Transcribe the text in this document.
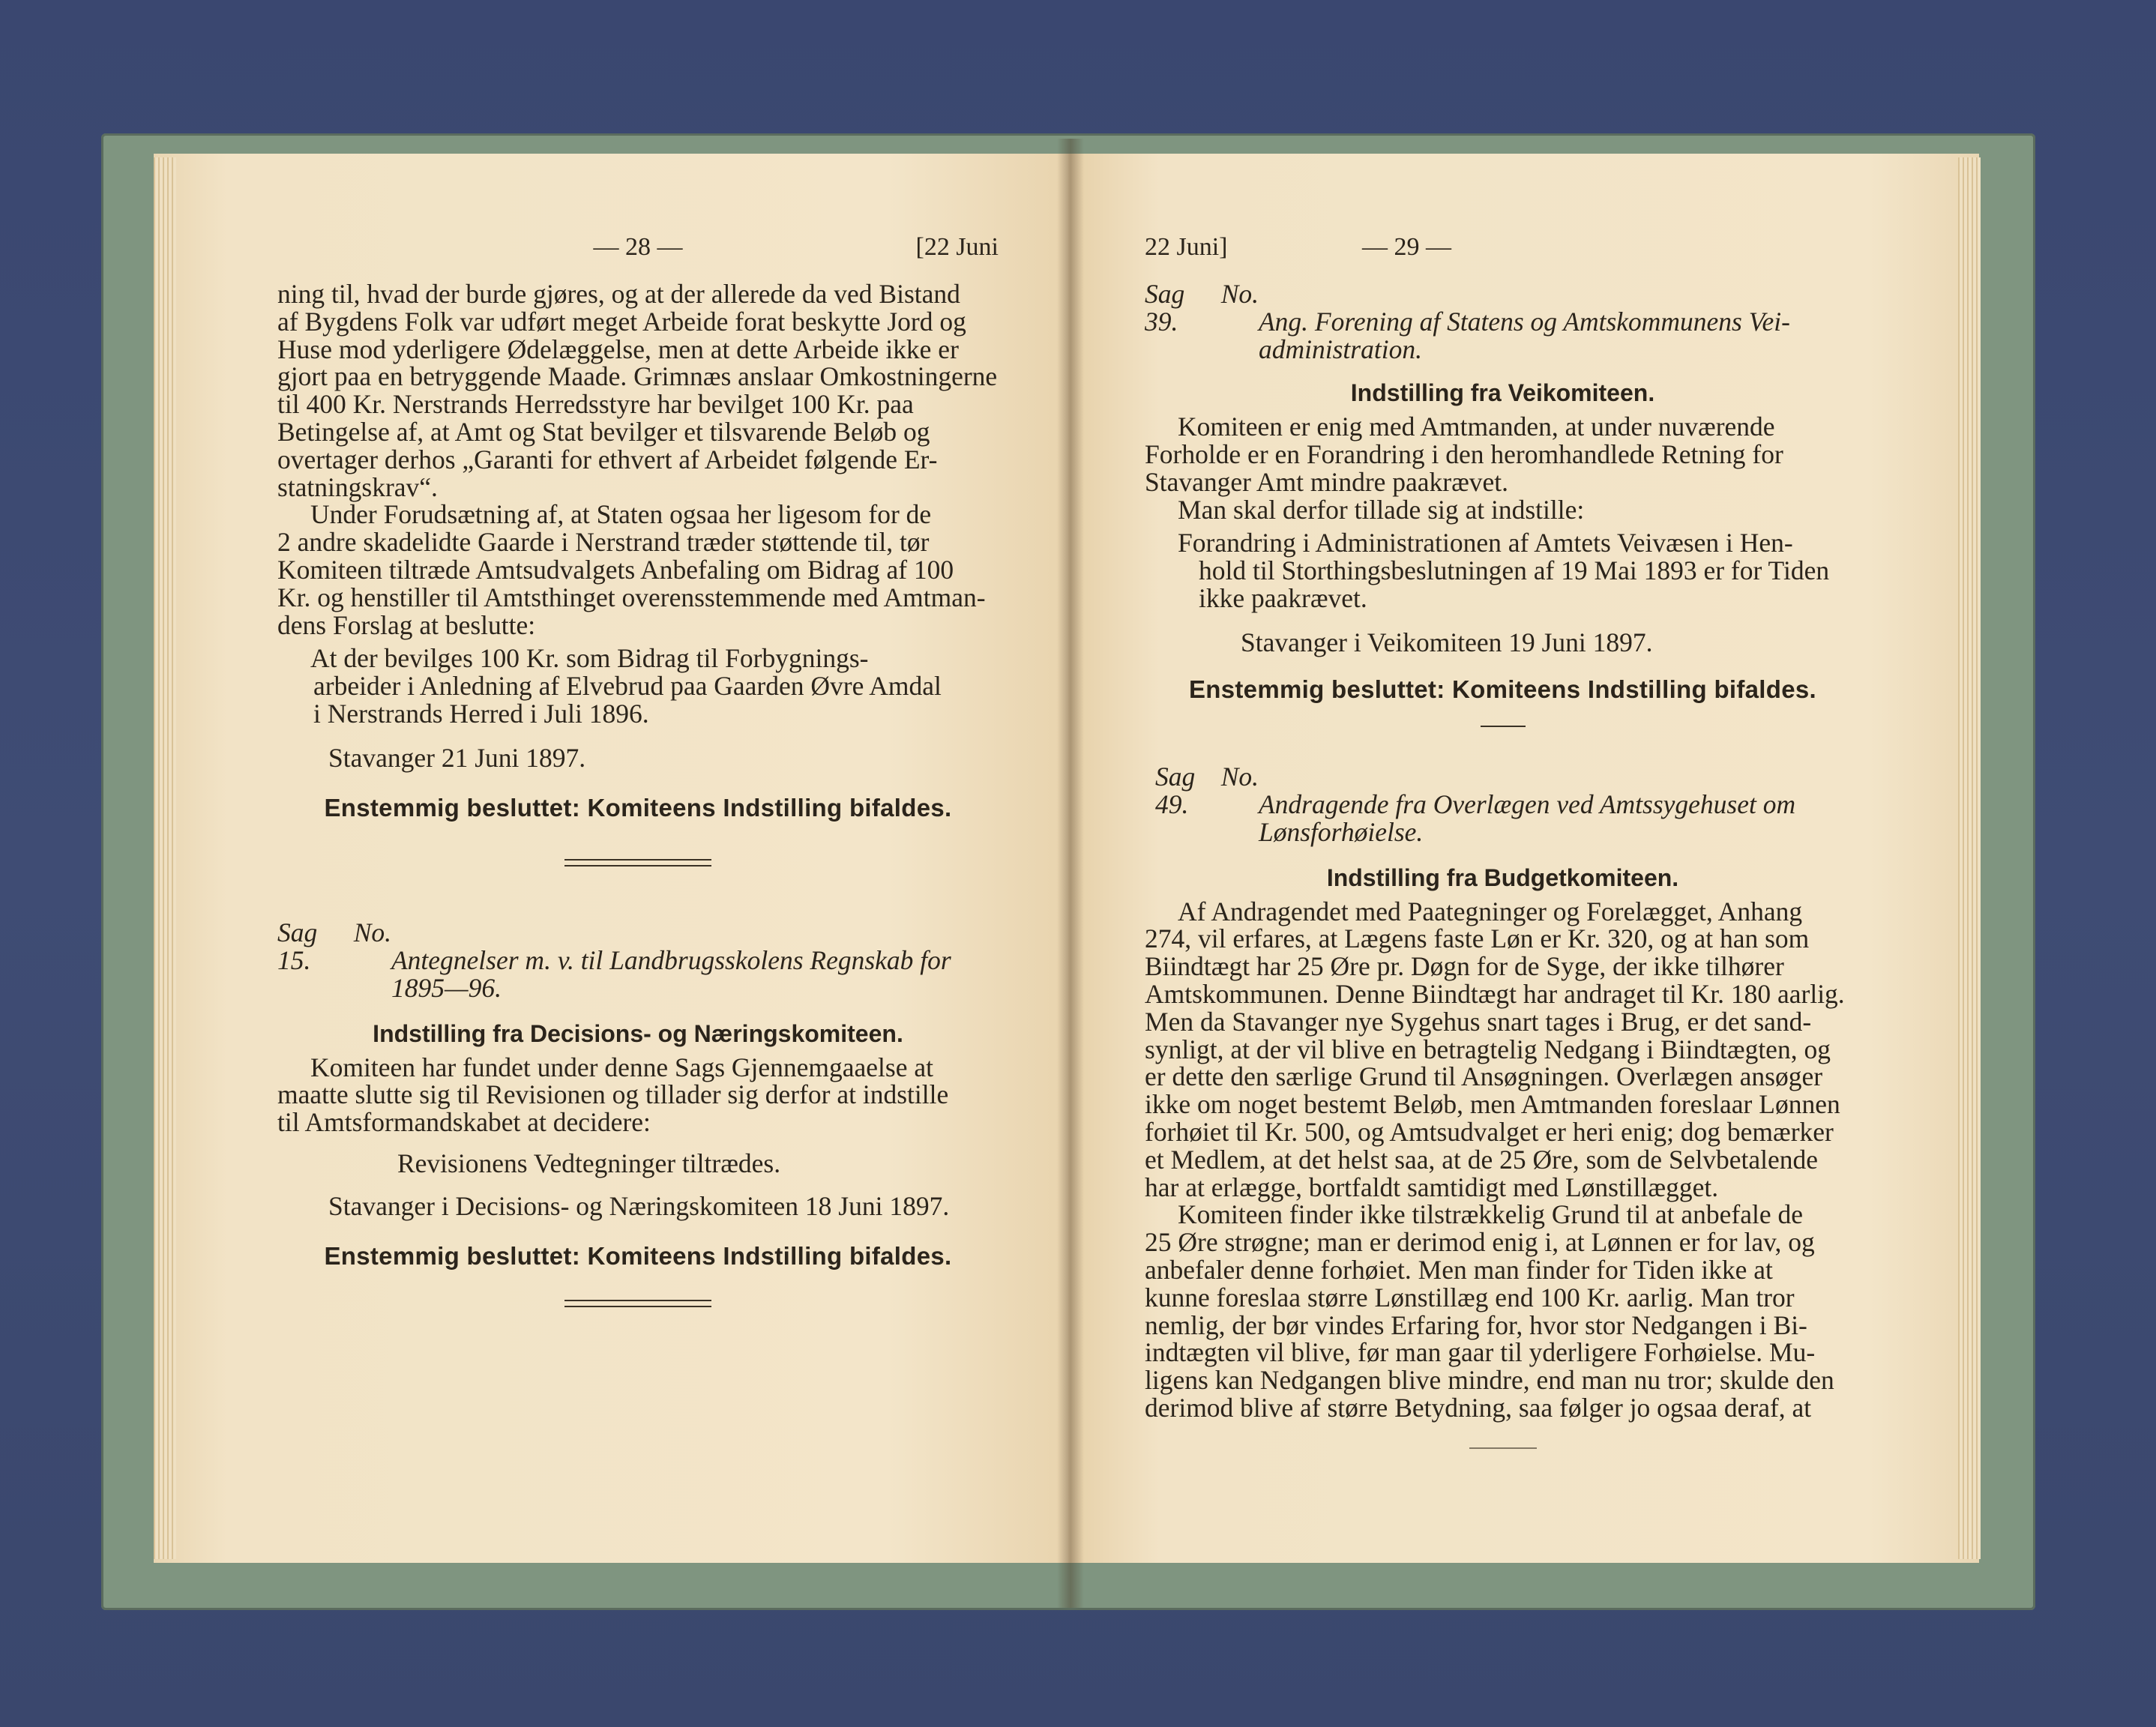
— 28 —	[22 Juni

ning til, hvad der burde gjøres, og at der allerede da ved Bistand

af Bygdens Folk var udført meget Arbeide forat beskytte Jord og

Huse mod yderligere Ødelæggelse, men at dette Arbeide ikke er

gjort paa en betryggende Maade. Grimnæs anslaar Omkostningerne

til 400 Kr. Nerstrands Herredsstyre har bevilget 100 Kr. paa

Betingelse af, at Amt og Stat bevilger et tilsvarende Beløb og

overtager derhos „Garanti for ethvert af Arbeidet følgende Er-

statningskrav“.

Under Forudsætning af, at Staten ogsaa her ligesom for de

2 andre skadelidte Gaarde i Nerstrand træder støttende til, tør

Komiteen tiltræde Amtsudvalgets Anbefaling om Bidrag af 100

Kr. og henstiller til Amtsthinget overensstemmende med Amtman-

dens Forslag at beslutte:

At der bevilges 100 Kr. som Bidrag til Forbygnings-

arbeider i Anledning af Elvebrud paa Gaarden Øvre Amdal

i Nerstrands Herred i Juli 1896.

Stavanger 21 Juni 1897.

Enstemmig besluttet: Komiteens Indstilling bifaldes.

Sag No. 15.	Antegnelser m. v. til Landbrugsskolens Regnskab for

1895—96.

Indstilling fra Decisions- og Næringskomiteen.

Komiteen har fundet under denne Sags Gjennemgaaelse at

maatte slutte sig til Revisionen og tillader sig derfor at indstille

til Amtsformandskabet at decidere:

Revisionens Vedtegninger tiltrædes.

Stavanger i Decisions- og Næringskomiteen 18 Juni 1897.

Enstemmig besluttet: Komiteens Indstilling bifaldes.
22 Juni]	— 29 —

Sag No. 39.	Ang. Forening af Statens og Amtskommunens Vei-

administration.

Indstilling fra Veikomiteen.

Komiteen er enig med Amtmanden, at under nuværende

Forholde er en Forandring i den heromhandlede Retning for

Stavanger Amt mindre paakrævet.

Man skal derfor tillade sig at indstille:

Forandring i Administrationen af Amtets Veivæsen i Hen-

hold til Storthingsbeslutningen af 19 Mai 1893 er for Tiden

ikke paakrævet.

Stavanger i Veikomiteen 19 Juni 1897.

Enstemmig besluttet: Komiteens Indstilling bifaldes.

Sag No. 49.	Andragende fra Overlægen ved Amtssygehuset om

Lønsforhøielse.

Indstilling fra Budgetkomiteen.

Af Andragendet med Paategninger og Forelægget, Anhang

274, vil erfares, at Lægens faste Løn er Kr. 320, og at han som

Biindtægt har 25 Øre pr. Døgn for de Syge, der ikke tilhører

Amtskommunen. Denne Biindtægt har andraget til Kr. 180 aarlig.

Men da Stavanger nye Sygehus snart tages i Brug, er det sand-

synligt, at der vil blive en betragtelig Nedgang i Biindtægten, og

er dette den særlige Grund til Ansøgningen. Overlægen ansøger

ikke om noget bestemt Beløb, men Amtmanden foreslaar Lønnen

forhøiet til Kr. 500, og Amtsudvalget er heri enig; dog bemærker

et Medlem, at det helst saa, at de 25 Øre, som de Selvbetalende

har at erlægge, bortfaldt samtidigt med Lønstillægget.

Komiteen finder ikke tilstrækkelig Grund til at anbefale de

25 Øre strøgne; man er derimod enig i, at Lønnen er for lav, og

anbefaler denne forhøiet. Men man finder for Tiden ikke at

kunne foreslaa større Lønstillæg end 100 Kr. aarlig. Man tror

nemlig, der bør vindes Erfaring for, hvor stor Nedgangen i Bi-

indtægten vil blive, før man gaar til yderligere Forhøielse. Mu-

ligens kan Nedgangen blive mindre, end man nu tror; skulde den

derimod blive af større Betydning, saa følger jo ogsaa deraf, at
